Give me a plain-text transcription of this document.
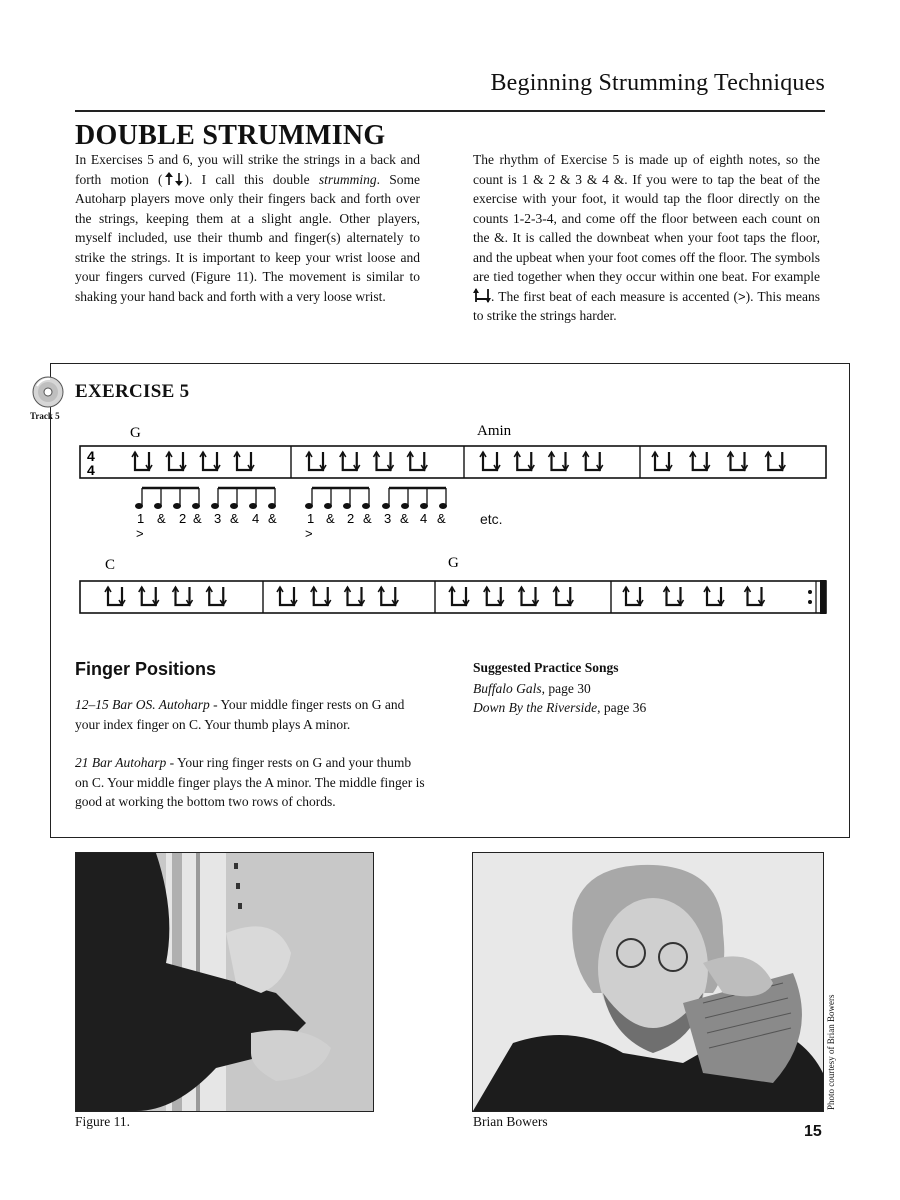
Beginning Strumming Techniques
DOUBLE STRUMMING

In Exercises 5 and 6, you will strike the strings in a back and forth motion ( ). I call this double strumming. Some Autoharp players move only their fingers back and forth over the strings, keeping them at a slight angle. Other players, myself included, use their thumb and finger(s) alternately to strike the strings. It is important to keep your wrist loose and your fingers curved (Figure 11). The movement is similar to shaking your hand back and forth with a very loose wrist.

The rhythm of Exercise 5 is made up of eighth notes, so the count is 1 & 2 & 3 & 4 &. If you were to tap the beat of the exercise with your foot, it would tap the floor directly on the counts 1-2-3-4, and come off the floor between each count on the &. It is called the downbeat when your foot taps the floor, and the upbeat when your foot comes off the floor. The symbols are tied together when they occur within one beat. For example. The first beat of each measure is accented (>). This means to strike the strings harder.

Track 5
EXERCISE 5
G	Amin
C	G
4
4
1 & 2 & 3 & 4 & 1 & 2 & 3 & 4 &
>	>
etc.
Finger Positions

12–15 Bar OS. Autoharp - Your middle finger rests on G and your index finger on C. Your thumb plays A minor.

21 Bar Autoharp - Your ring finger rests on G and your thumb on C. Your middle finger plays the A minor. The middle finger is good at working the bottom two rows of chords.

Suggested Practice Songs
Buffalo Gals, page 30
Down By the Riverside, page 36
Figure 11.	Brian Bowers
Photo courtesy of Brian Bowers
15
